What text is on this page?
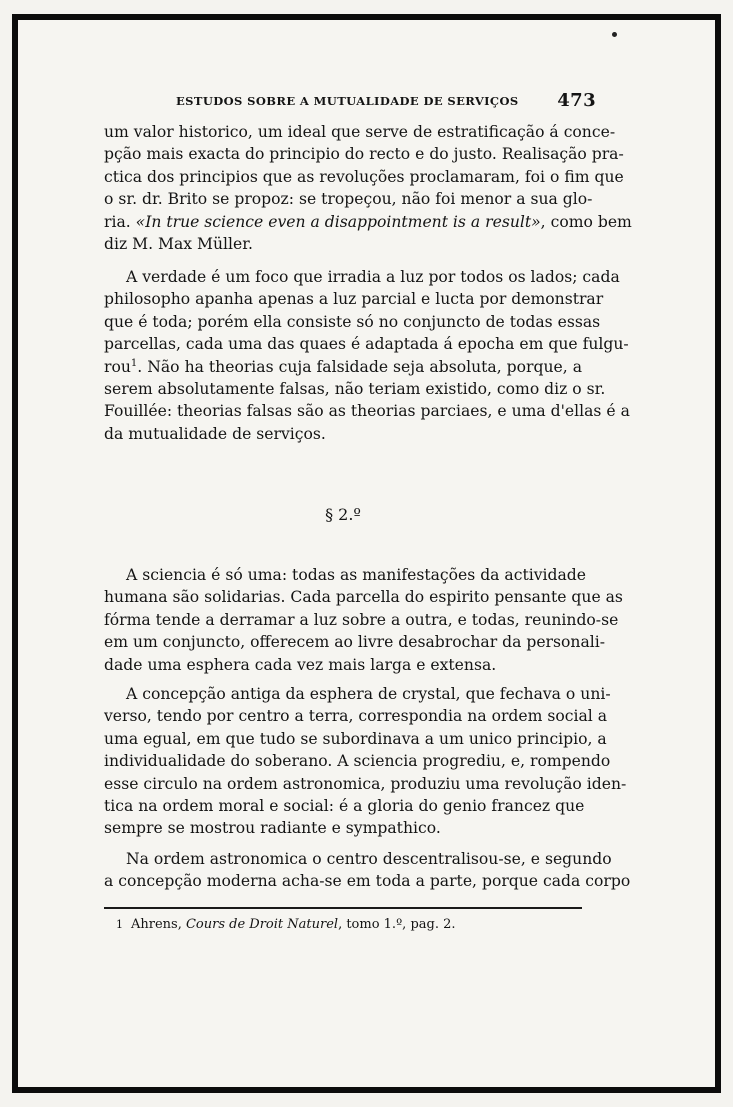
ESTUDOS SOBRE A MUTUALIDADE DE SERVIÇOS 473

um valor historico, um ideal que serve de estratificação á conce-
pção mais exacta do principio do recto e do justo. Realisação pra-
ctica dos principios que as revoluções proclamaram, foi o fim que
o sr. dr. Brito se propoz: se tropeçou, não foi menor a sua glo-
ria. «In true science even a disappointment is a result», como bem
diz M. Max Müller.

A verdade é um foco que irradia a luz por todos os lados; cada
philosopho apanha apenas a luz parcial e lucta por demonstrar
que é toda; porém ella consiste só no conjuncto de todas essas
parcellas, cada uma das quaes é adaptada á epocha em que fulgu-
rou$^1$. Não ha theorias cuja falsidade seja absoluta, porque, a
serem absolutamente falsas, não teriam existido, como diz o sr.
Fouillée: theorias falsas são as theorias parciaes, e uma d'ellas é a
da mutualidade de serviços.

§ 2.º

A sciencia é só uma: todas as manifestações da actividade
humana são solidarias. Cada parcella do espirito pensante que as
fórma tende a derramar a luz sobre a outra, e todas, reunindo-se
em um conjuncto, offerecem ao livre desabrochar da personali-
dade uma esphera cada vez mais larga e extensa.

A concepção antiga da esphera de crystal, que fechava o uni-
verso, tendo por centro a terra, correspondia na ordem social a
uma egual, em que tudo se subordinava a um unico principio, a
individualidade do soberano. A sciencia progrediu, e, rompendo
esse circulo na ordem astronomica, produziu uma revolução iden-
tica na ordem moral e social: é a gloria do genio francez que
sempre se mostrou radiante e sympathico.

Na ordem astronomica o centro descentralisou-se, e segundo
a concepção moderna acha-se em toda a parte, porque cada corpo

1 Ahrens, Cours de Droit Naturel, tomo 1.º, pag. 2.
